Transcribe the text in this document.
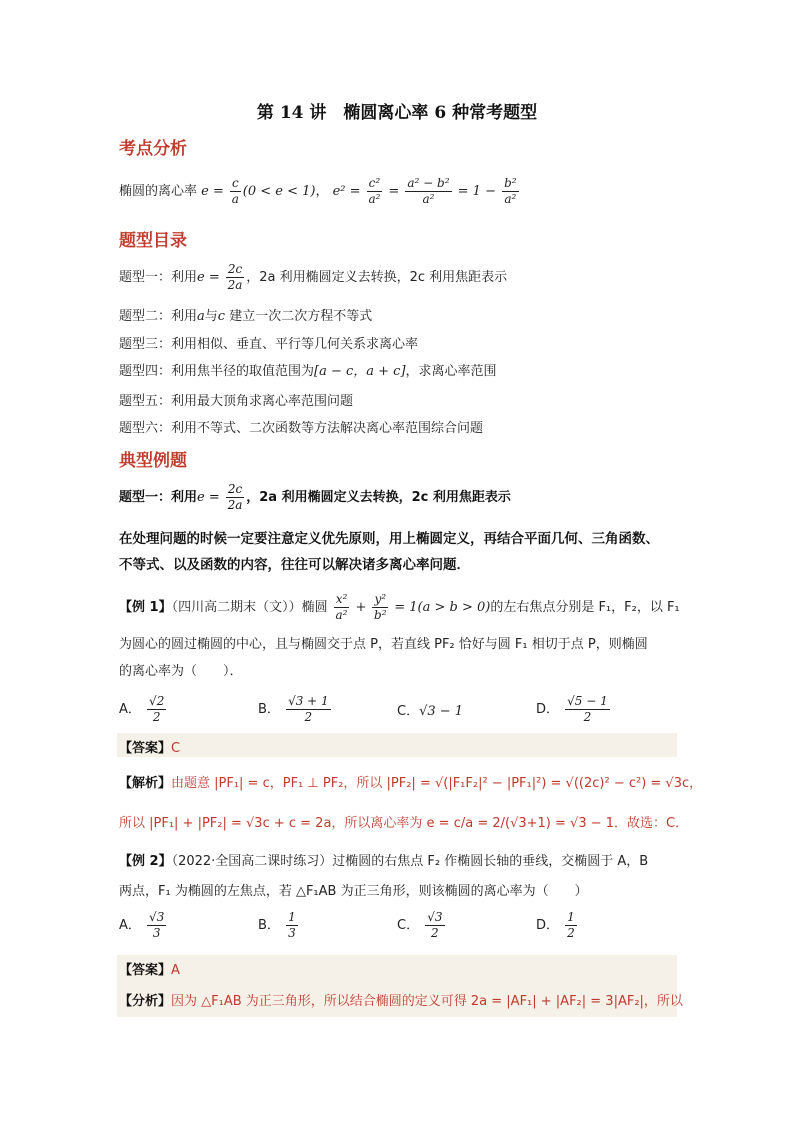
第 14 讲　椭圆离心率 6 种常考题型
考点分析
椭圆的离心率 $e = \frac{c}{a} (0 < e < 1)$， $e^2 = \frac{\text{c²}}{\text{a²}} = \frac{\text{a² − b²}}{\text{a²}} = 1 - \frac{\text{b²}}{\text{a²}}$
题型目录
题型一：利用$e = \frac{2c}{2a}$ ，2a 利用椭圆定义去转换，2c 利用焦距表示
题型二：利用a与c 建立一次二次方程不等式
题型三：利用相似、垂直、平行等几何关系求离心率
题型四：利用焦半径的取值范围为[a − c，a + c]，求离心率范围
题型五：利用最大顶角求离心率范围问题
题型六：利用不等式、二次函数等方法解决离心率范围综合问题
典型例题
题型一：利用$e = \frac{2c}{2a}$ ，2a 利用椭圆定义去转换，2c 利用焦距表示
在处理问题的时候一定要注意定义优先原则，用上椭圆定义，再结合平面几何、三角函数、
不等式、以及函数的内容，往往可以解决诸多离心率问题．
【例 1】（四川高二期末（文））椭圆 $\frac{\text{x²}}{\text{a²}} + \frac{\text{y²}}{\text{b²}} = 1(a > b > 0)$的左右焦点分别是 F₁，F₂，以 F₁
为圆心的圆过椭圆的中心，且与椭圆交于点 P，若直线 PF₂ 恰好与圆 F₁ 相切于点 P，则椭圆
的离心率为（　　）．
A． $\frac{√2}{2}$	B． $\frac{√3 + 1}{2}$	C．√3 − 1	D． $\frac{√5 - 1}{2}$
【答案】C
【解析】由题意 |PF₁| = c，PF₁ ⊥ PF₂，所以 |PF₂| = √(|F₁F₂|² − |PF₁|²) = √((2c)² − c²) = √3c，
所以 |PF₁| + |PF₂| = √3c + c = 2a，所以离心率为 e = c/a = 2/(√3+1) = √3 − 1．故选：C．
【例 2】（2022·全国高二课时练习）过椭圆的右焦点 F₂ 作椭圆长轴的垂线，交椭圆于 A，B
两点，F₁ 为椭圆的左焦点，若 △F₁AB 为正三角形，则该椭圆的离心率为（　　）
A． $\frac{√3}{3}$	B． $\frac{1}{3}$	C． $\frac{√3}{2}$	D． $\frac{1}{2}$
【答案】A
【分析】因为 △F₁AB 为正三角形，所以结合椭圆的定义可得 2a = |AF₁| + |AF₂| = 3|AF₂|，所以
